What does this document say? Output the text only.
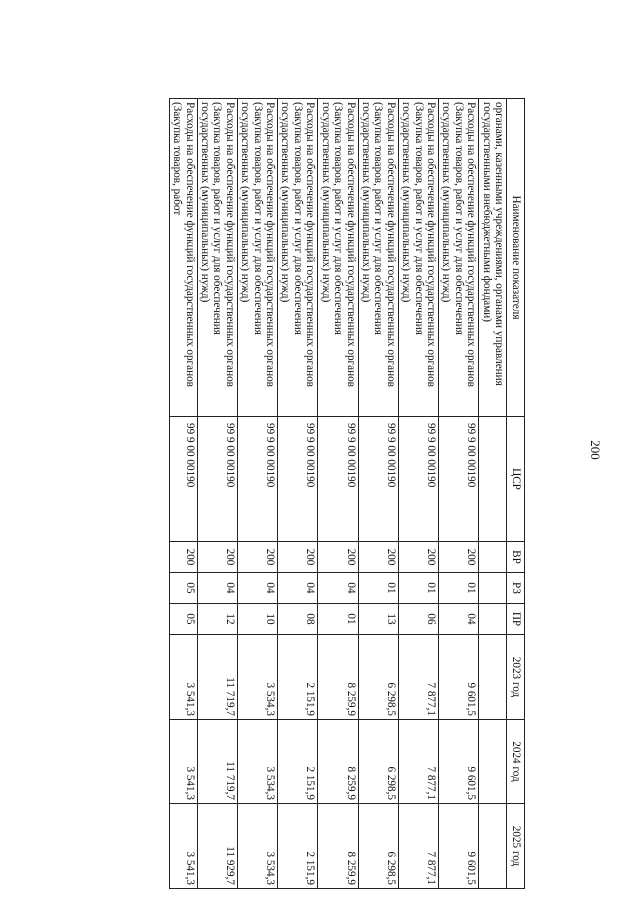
200
Наименование показателя	ЦСР	ВР	РЗ	ПР	2023 год	2024 год	2025 год
органами, казенными учреждениями, органами управления государственными внебюджетными фондами)							
Расходы на обеспечение функций государственных органов (Закупка товаров, работ и услуг для обеспечения государственных (муниципальных) нужд)	99 9 00 00190	200	01	04	9 601,5	9 601,5	9 601,5
Расходы на обеспечение функций государственных органов (Закупка товаров, работ и услуг для обеспечения государственных (муниципальных) нужд)	99 9 00 00190	200	01	06	7 877,1	7 877,1	7 877,1
Расходы на обеспечение функций государственных органов (Закупка товаров, работ и услуг для обеспечения государственных (муниципальных) нужд)	99 9 00 00190	200	01	13	6 298,5	6 298,5	6 298,5
Расходы на обеспечение функций государственных органов (Закупка товаров, работ и услуг для обеспечения государственных (муниципальных) нужд)	99 9 00 00190	200	04	01	8 259,9	8 259,9	8 259,9
Расходы на обеспечение функций государственных органов (Закупка товаров, работ и услуг для обеспечения государственных (муниципальных) нужд)	99 9 00 00190	200	04	08	2 151,9	2 151,9	2 151,9
Расходы на обеспечение функций государственных органов (Закупка товаров, работ и услуг для обеспечения государственных (муниципальных) нужд)	99 9 00 00190	200	04	10	3 534,3	3 534,3	3 534,3
Расходы на обеспечение функций государственных органов (Закупка товаров, работ и услуг для обеспечения государственных (муниципальных) нужд)	99 9 00 00190	200	04	12	11 719,7	11 719,7	11 929,7
Расходы на обеспечение функций государственных органов (Закупка товаров, работ	99 9 00 00190	200	05	05	3 541,3	3 541,3	3 541,3
